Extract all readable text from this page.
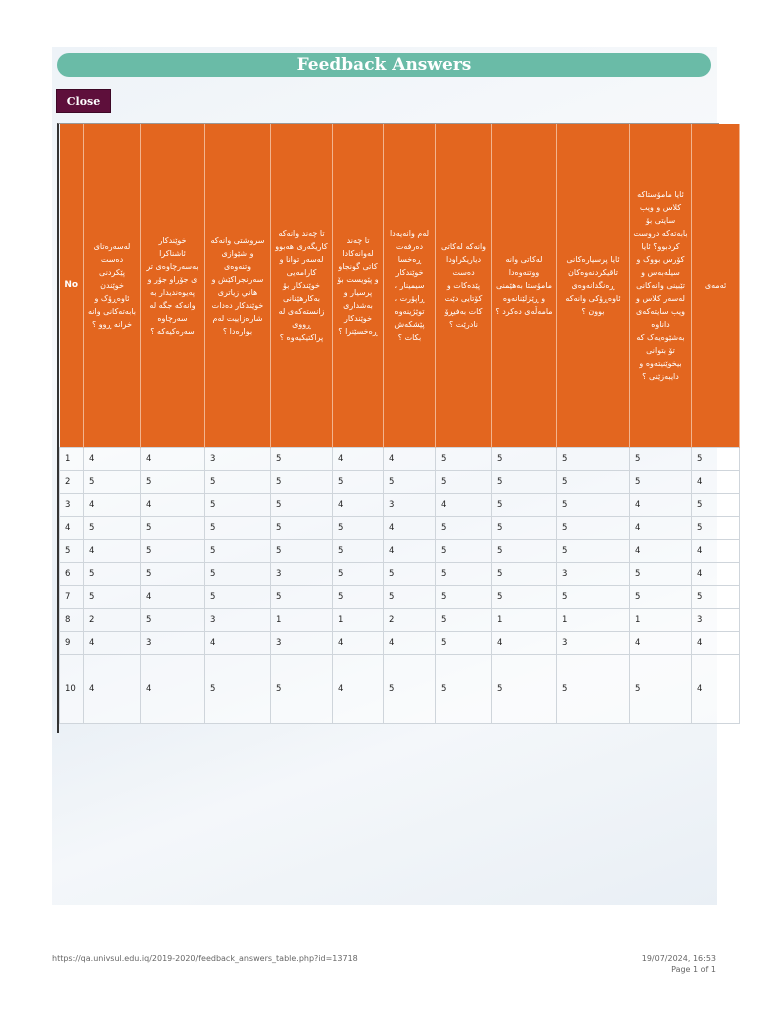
Feedback Answers
Close
No	لەسەرەتای دەست پێکردنی خوێندن ئاوەڕۆک و بابەتەکانی وانە خرانە ڕوو ؟	خوێندکار ئاشناکرا بەسەرچاوەی تر ی جۆراو جۆر و پەیوەندیدار بە وانەکە جگە لە سەرچاوە سەرەکیەکە ؟	سروشتی وانەکە و شێوازی وتنەوەی سەرنجراکێش و هاني زياتری خوێندکار دەدات شارەزاییت لەم بوارەدا ؟	تا چەند وانەکە کاریگەری هەبوو لەسەر توانا و کارامەیی خوێندکار بۆ بەکارهێنانی زانستەکەی لە ڕووی پراکتیکیەوە ؟	تا چەند لەوانەکادا کاتی گونجاو و پێویست بۆ پرسیار و بەشداری خوێندکار ڕەخسێنرا ؟	لەم وانەیەدا دەرفەت ڕەخسا خوێندکار سیمینار ، ڕاپۆرت ، توێژینەوە پێشکەش بکات ؟	وانەکە لەکاتی دیاریکراودا دەست پێدەکات و کۆتایی دێت کات بەفیڕۆ نادرێت ؟	لەکاتی وانە ووتنەوەدا مامۆستا بەهێمنی و ڕێزلێنانەوە مامەڵەی دەکرد ؟	ئایا پرسیارەکانی تاقیکردنەوەکان ڕەنگدانەوەی ئاوەڕۆکی وانەکە بوون ؟	ئایا مامۆستاکە کلاس و ویب سایتی بۆ بابەتەکە دروست کردبوو؟ ئایا کۆرس بووک و سیلەبەس و تێبینی وانەکانی لەسەر کلاس و ویب سایتەکەی داناوە بەشێوەیەک کە تۆ بتوانی بیخوێنیتەوە و دایبەزێنی ؟	ئەمەی
1	4	4	3	5	4	4	5	5	5	5	5
2	5	5	5	5	5	5	5	5	5	5	4
3	4	4	5	5	4	3	4	5	5	4	5
4	5	5	5	5	5	4	5	5	5	4	5
5	4	5	5	5	5	4	5	5	5	4	4
6	5	5	5	3	5	5	5	5	3	5	4
7	5	4	5	5	5	5	5	5	5	5	5
8	2	5	3	1	1	2	5	1	1	1	3
9	4	3	4	3	4	4	5	4	3	4	4
10	4	4	5	5	4	5	5	5	5	5	4
https://qa.univsul.edu.iq/2019-2020/feedback_answers_table.php?id=13718	19/07/2024, 16:53
Page 1 of 1
